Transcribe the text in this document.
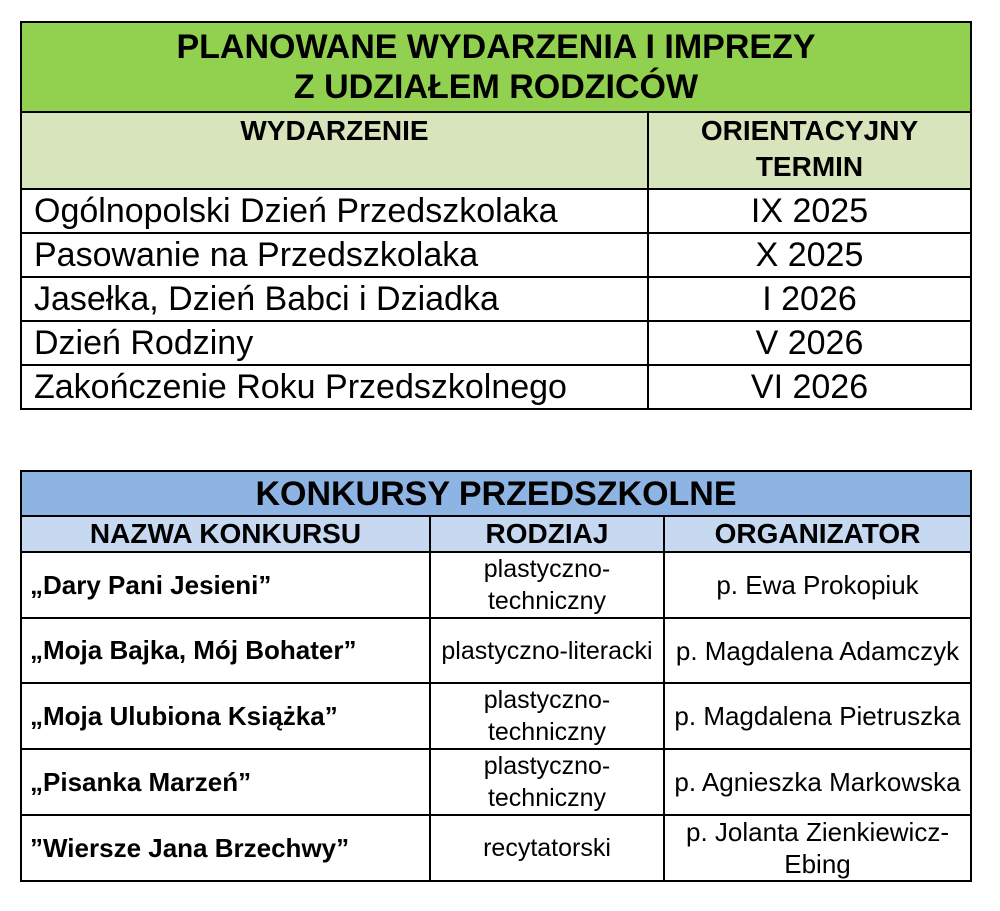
PLANOWANE WYDARZENIA I IMPREZY
Z UDZIAŁEM RODZICÓW	

WYDARZENIE	ORIENTACYJNY TERMIN
Ogólnopolski Dzień Przedszkolaka	IX 2025
Pasowanie na Przedszkolaka	X 2025
Jasełka, Dzień Babci i Dziadka	I 2026
Dzień Rodziny	V 2026
Zakończenie Roku Przedszkolnego	VI 2026
KONKURSY PRZEDSZKOLNE		
NAZWA KONKURSU	RODZIAJ	ORGANIZATOR
„Dary Pani Jesieni”	plastyczno-techniczny	p. Ewa Prokopiuk
„Moja Bajka, Mój Bohater”	plastyczno-literacki	p. Magdalena Adamczyk
„Moja Ulubiona Książka”	plastyczno-techniczny	p. Magdalena Pietruszka
„Pisanka Marzeń”	plastyczno-techniczny	p. Agnieszka Markowska
”Wiersze Jana Brzechwy”	recytatorski	p. Jolanta Zienkiewicz-Ebing
